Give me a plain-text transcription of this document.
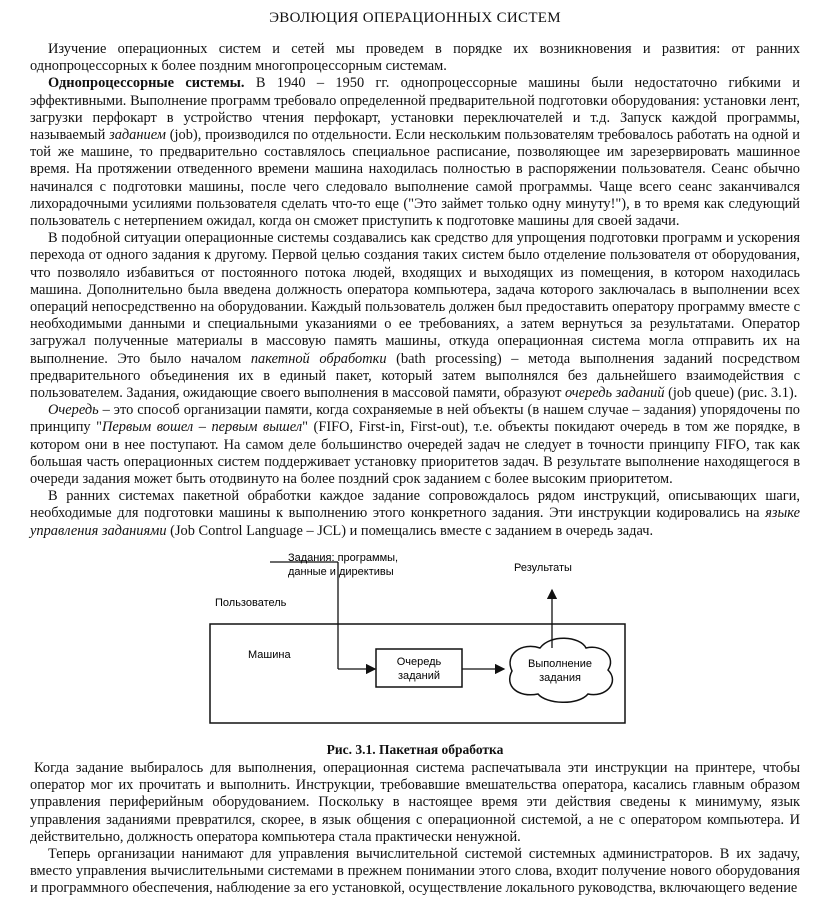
ЭВОЛЮЦИЯ ОПЕРАЦИОННЫХ СИСТЕМ

Изучение операционных систем и сетей мы проведем в порядке их возникновения и развития: от ранних однопроцессорных к более поздним многопроцессорным системам.

Однопроцессорные системы. В 1940 – 1950 гг. однопроцессорные машины были недостаточно гибкими и эффективными. Выполнение программ требовало определенной предварительной подготовки оборудования: установки лент, загрузки перфокарт в устройство чтения перфокарт, установки переключателей и т.д. Запуск каждой программы, называемый заданием (job), производился по отдельности. Если нескольким пользователям требовалось работать на одной и той же машине, то предварительно составлялось специальное расписание, позволяющее им зарезервировать машинное время. На протяжении отведенного времени машина находилась полностью в распоряжении пользователя. Сеанс обычно начинался с подготовки машины, после чего следовало выполнение самой программы. Чаще всего сеанс заканчивался лихорадочными усилиями пользователя сделать что-то еще ("Это займет только одну минуту!"), в то время как следующий пользователь с нетерпением ожидал, когда он сможет приступить к подготовке машины для своей задачи.

В подобной ситуации операционные системы создавались как средство для упрощения подготовки программ и ускорения перехода от одного задания к другому. Первой целью создания таких систем было отделение пользователя от оборудования, что позволяло избавиться от постоянного потока людей, входящих и выходящих из помещения, в котором находилась машина. Дополнительно была введена должность оператора компьютера, задача которого заключалась в выполнении всех операций непосредственно на оборудовании. Каждый пользователь должен был предоставить оператору программу вместе с необходимыми данными и специальными указаниями о ее требованиях, а затем вернуться за результатами. Оператор загружал полученные материалы в массовую память машины, откуда операционная система могла отправить их на выполнение. Это было началом пакетной обработки (bath processing) – метода выполнения заданий посредством предварительного объединения их в единый пакет, который затем выполнялся без дальнейшего взаимодействия с пользователем. Задания, ожидающие своего выполнения в массовой памяти, образуют очередь заданий (job queue) (рис. 3.1).

Очередь – это способ организации памяти, когда сохраняемые в ней объекты (в нашем случае – задания) упорядочены по принципу "Первым вошел – первым вышел" (FIFO, First-in, First-out), т.е. объекты покидают очередь в том же порядке, в котором они в нее поступают. На самом деле большинство очередей задач не следует в точности принципу FIFO, так как большая часть операционных систем поддерживает установку приоритетов задач. В результате выполнение находящегося в очереди задания может быть отодвинуто на более поздний срок заданием с более высоким приоритетом.

В ранних системах пакетной обработки каждое задание сопровождалось рядом инструкций, описывающих шаги, необходимые для подготовки машины к выполнению этого конкретного задания. Эти инструкции кодировались на языке управления заданиями (Job Control Language – JCL) и помещались вместе с заданием в очередь задач.

Задания: программы,
данные и директивы	Результаты
Пользователь
Машина
Очередь
заданий
Выполнение
задания
Рис. 3.1. Пакетная обработка

Когда задание выбиралось для выполнения, операционная система распечатывала эти инструкции на принтере, чтобы оператор мог их прочитать и выполнить. Инструкции, требовавшие вмешательства оператора, касались главным образом управления периферийным оборудованием. Поскольку в настоящее время эти действия сведены к минимуму, язык управления заданиями превратился, скорее, в язык общения с операционной системой, а не с оператором компьютера. И действительно, должность оператора компьютера стала практически ненужной.

Теперь организации нанимают для управления вычислительной системой системных администраторов. В их задачу, вместо управления вычислительными системами в прежнем понимании этого слова, входит получение нового оборудования и программного обеспечения, наблюдение за его установкой, осуществление локального руководства, включающего ведение
